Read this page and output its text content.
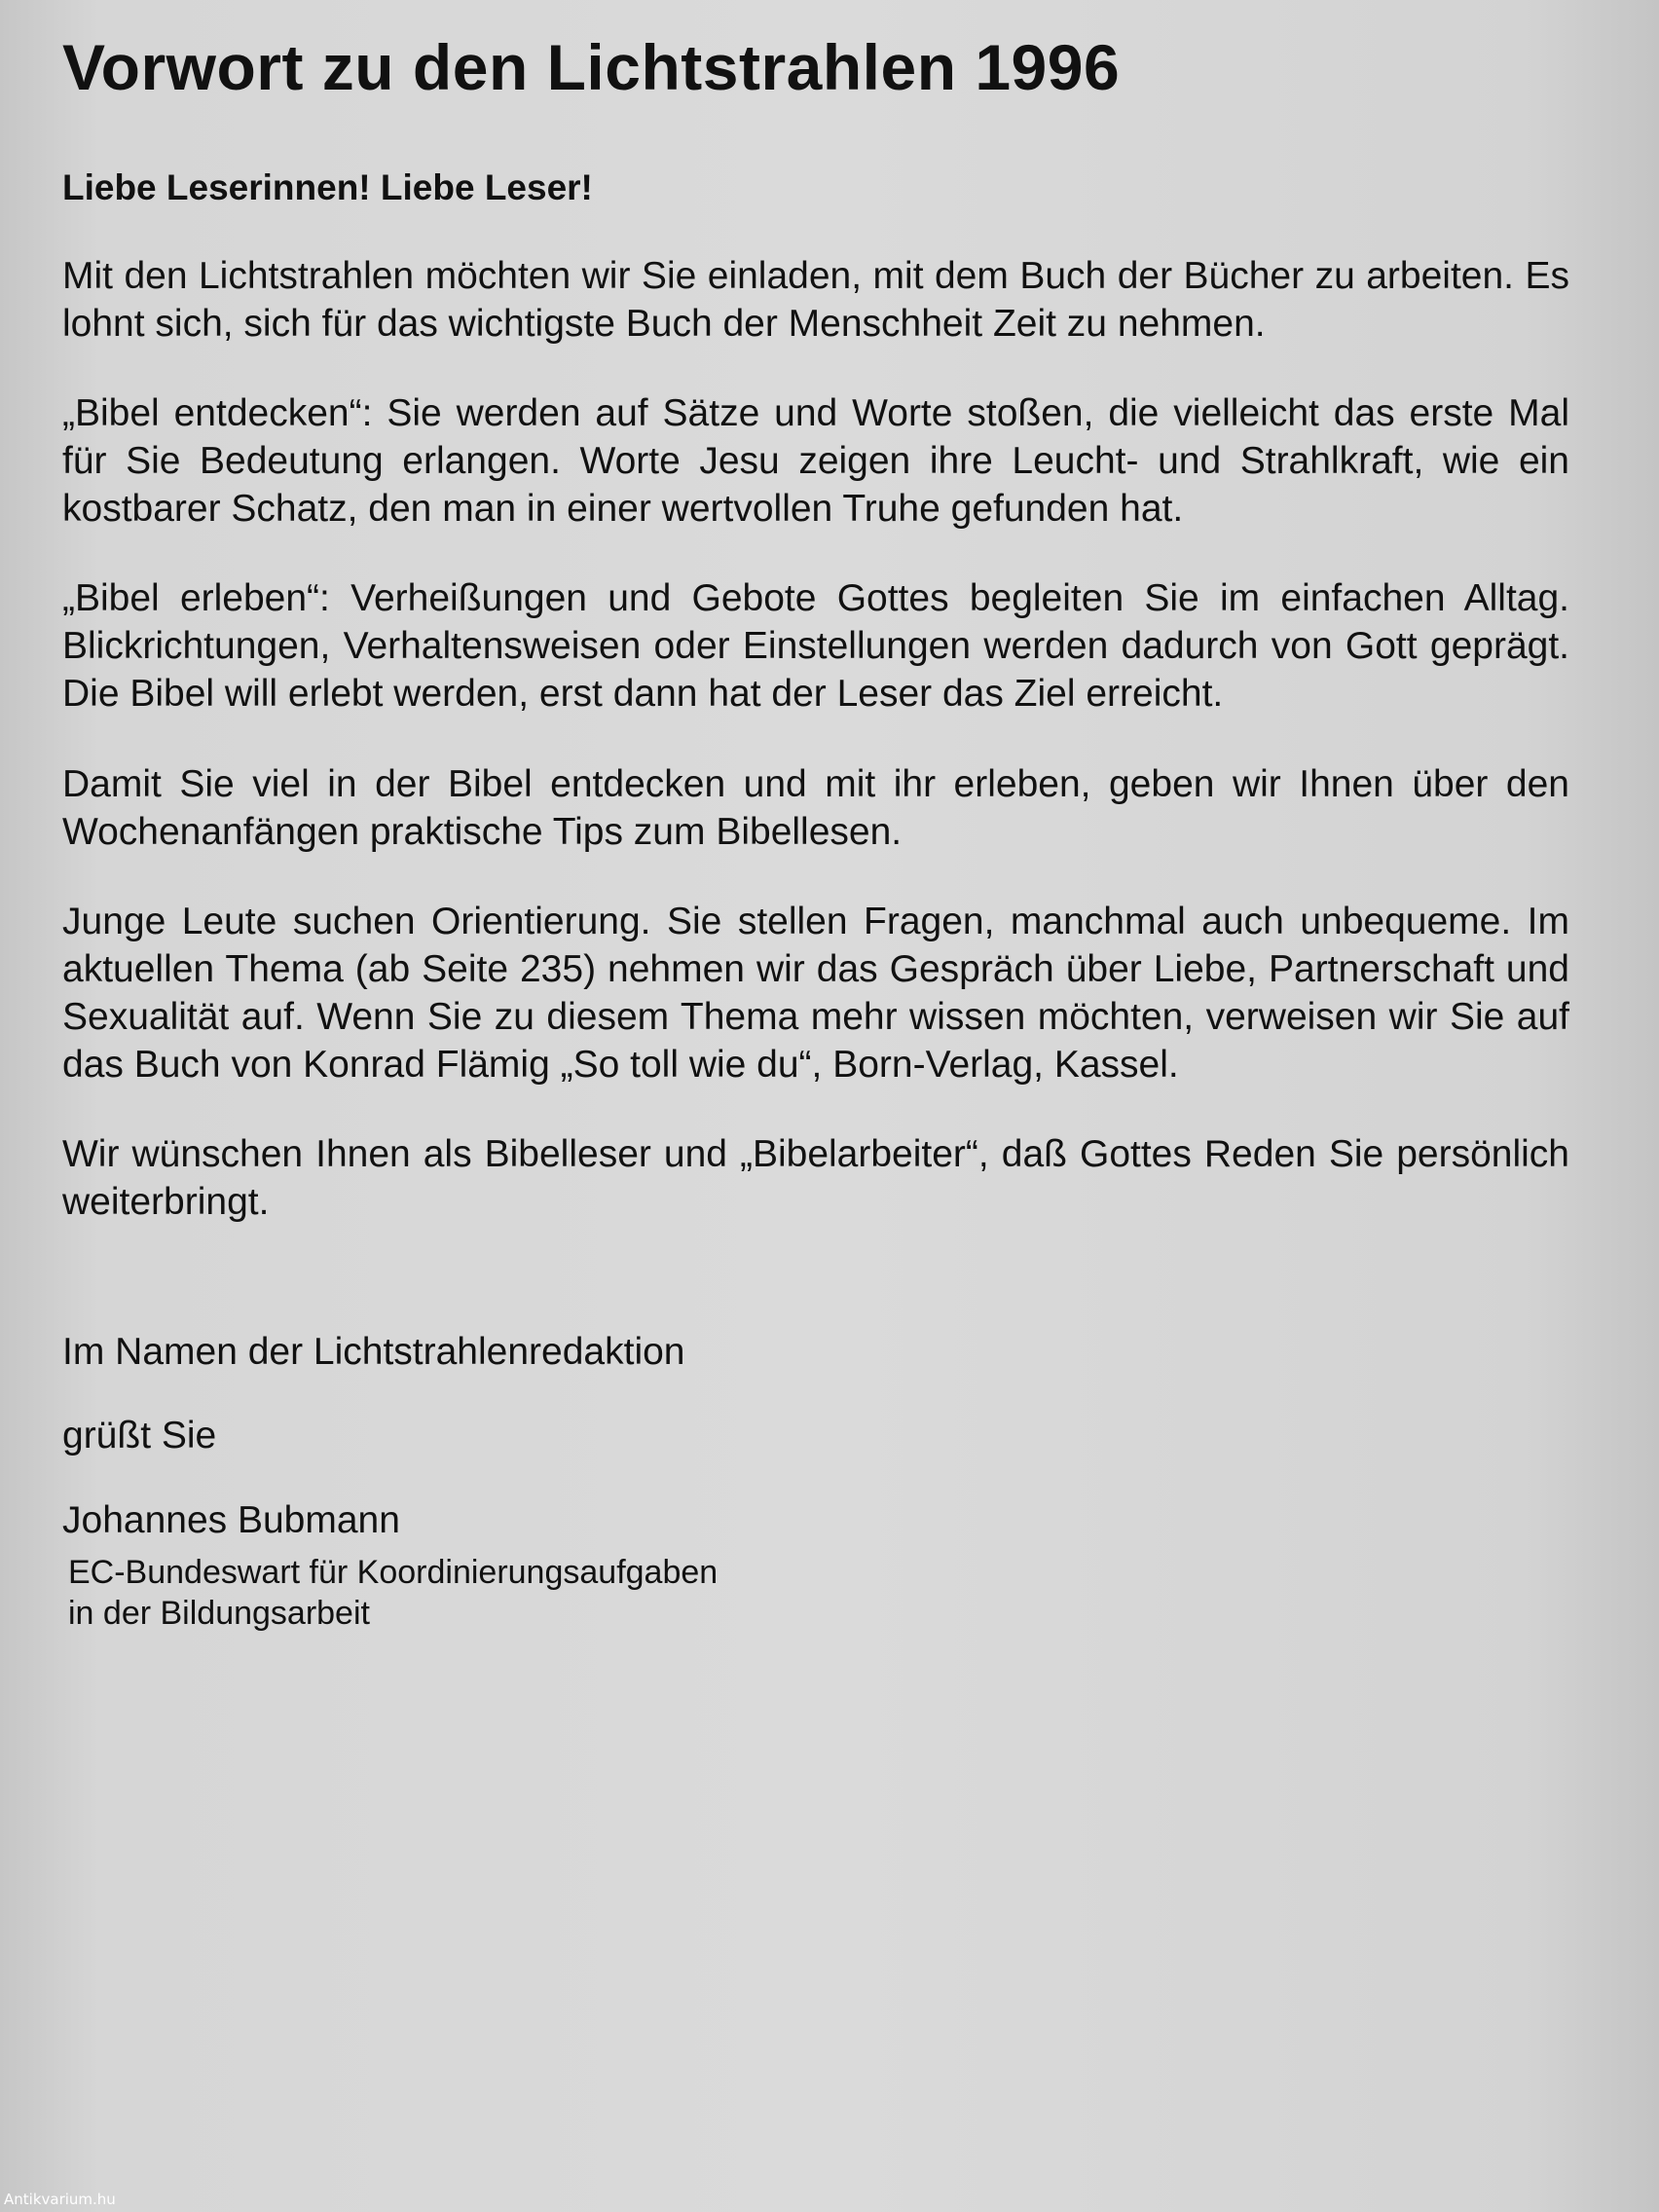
Vorwort zu den Lichtstrahlen 1996

Liebe Leserinnen! Liebe Leser!

Mit den Lichtstrahlen möchten wir Sie einladen, mit dem Buch der Bücher zu arbeiten. Es lohnt sich, sich für das wichtigste Buch der Menschheit Zeit zu nehmen.

„Bibel entdecken“: Sie werden auf Sätze und Worte stoßen, die vielleicht das erste Mal für Sie Bedeutung erlangen. Worte Jesu zeigen ihre Leucht- und Strahlkraft, wie ein kostbarer Schatz, den man in einer wertvollen Truhe gefunden hat.

„Bibel erleben“: Verheißungen und Gebote Gottes begleiten Sie im einfachen Alltag. Blickrichtungen, Verhaltensweisen oder Einstellungen werden dadurch von Gott geprägt. Die Bibel will erlebt werden, erst dann hat der Leser das Ziel erreicht.

Damit Sie viel in der Bibel entdecken und mit ihr erleben, geben wir Ihnen über den Wochenanfängen praktische Tips zum Bibellesen.

Junge Leute suchen Orientierung. Sie stellen Fragen, manchmal auch unbequeme. Im aktuellen Thema (ab Seite 235) nehmen wir das Gespräch über Liebe, Partnerschaft und Sexualität auf. Wenn Sie zu diesem Thema mehr wissen möchten, verweisen wir Sie auf das Buch von Konrad Flämig „So toll wie du“, Born-Verlag, Kassel.

Wir wünschen Ihnen als Bibelleser und „Bibelarbeiter“, daß Gottes Reden Sie persönlich weiterbringt.

Im Namen der Lichtstrahlenredaktion

grüßt Sie

Johannes Bubmann

EC-Bundeswart für Koordinierungsaufgaben
in der Bildungsarbeit
Antikvarium.hu
